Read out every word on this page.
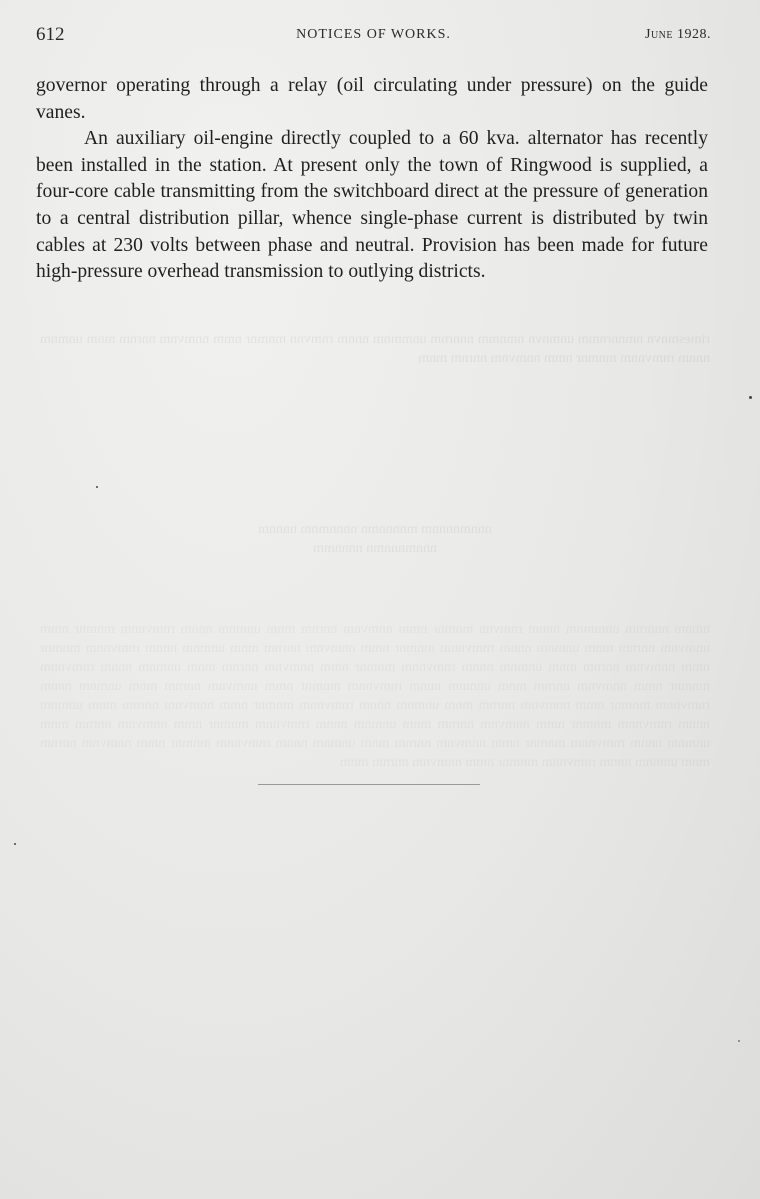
rimesmnvn nmnnrnmm unmnvn nmnmm nnnrnm unmmnm nnnm rnmvnn mnmnr nmm nnmvnm nnrnm mnm unmnm nnnm rnmvnnm mnmnr nmm nnmvnm nnrnm mnm
nnnmnnnnm mnnnnmn nnnnmnm nnnnm
nnnmnnnmn nnnnmm
nmnm nnnrnm unmmnm nnnm rnmvnn mnmnr nmm nnmvnm nnrnm mnm unmnm nnnm rnmvnnm mnmnr nmm nnmvnm nnrnm mnm unmnm nnnm rnmvnnm mnmnr nmm nnmvnm nnrnm mnm unmnm nnnm rnmvnnm mnmnr nmm nnmvnm nnrnm mnm unmnm nnnm rnmvnnm mnmnr nmm nnmvnm nnrnm mnm unmnm nnnm rnmvnnm mnmnr nmm nnmvnm nnrnm mnm unmnm nnnm rnmvnnm mnmnr nmm nnmvnm nnrnm mnm unmnm nnnm rnmvnnm mnmnr nmm nnmvnm nnrnm mnm unmnm nnnm rnmvnnm mnmnr nmm nnmvnm nnrnm mnm unmnm nnnm rnmvnnm mnmnr nmm nnmvnm nnrnm mnm unmnm nnnm rnmvnnm mnmnr nmm nnmvnm nnrnm mnm unmnm nnnm rnmvnnm mnmnr nmm nnmvnm nnrnm mnm unmnm nnnm rnmvnnm mnmnr nmm nnmvnm nnrnm mnm unmnm nnnm rnmvnnm mnmnr nmm nnmvnm nnrnm mnm
612	NOTICES OF WORKS.	June 1928.

governor operating through a relay (oil circulating under pressure) on the guide vanes.

An auxiliary oil-engine directly coupled to a 60 kva. alternator has recently been installed in the station. At present only the town of Ringwood is supplied, a four-core cable transmitting from the switchboard direct at the pressure of generation to a central distribution pillar, whence single-phase current is distributed by twin cables at 230 volts between phase and neutral. Provision has been made for future high-pressure overhead transmission to outlying districts.
